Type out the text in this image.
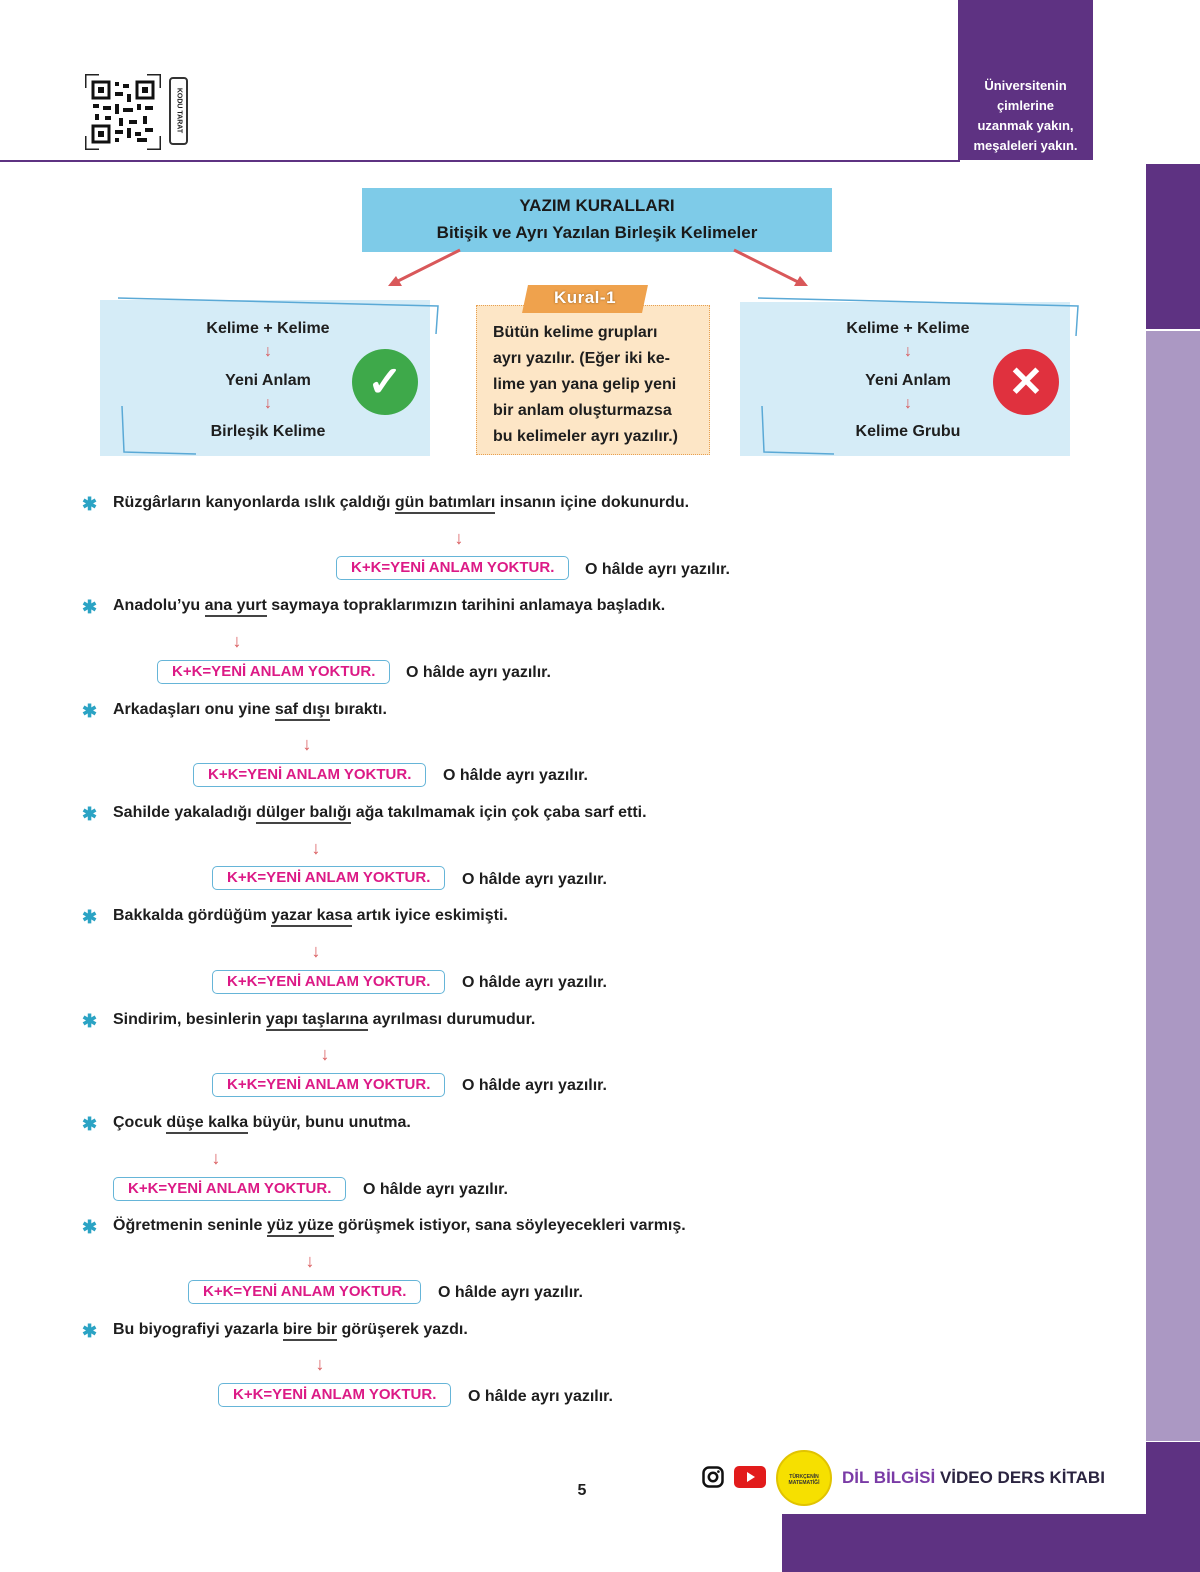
Üniversitenin
çimlerine
uzanmak yakın,
meşaleleri yakın.
KODU TARAT
YAZIM KURALLARI
Bitişik ve Ayrı Yazılan Birleşik Kelimeler
Kelime + Kelime
↓
Yeni Anlam
↓
Birleşik Kelime
✓
Kural-1
Bütün kelime grupları
ayrı yazılır. (Eğer iki ke-
lime yan yana gelip yeni
bir anlam oluşturmazsa
bu kelimeler ayrı yazılır.)
Kelime + Kelime
↓
Yeni Anlam
↓
Kelime Grubu
✕
✱ Rüzgârların kanyonlarda ıslık çaldığı gün batımları insanın içine dokunurdu.
↓
K+K=YENİ ANLAM YOKTUR.	O hâlde ayrı yazılır.
✱ Anadolu’yu ana yurt saymaya topraklarımızın tarihini anlamaya başladık.
↓
K+K=YENİ ANLAM YOKTUR.	O hâlde ayrı yazılır.
✱ Arkadaşları onu yine saf dışı bıraktı.
↓
K+K=YENİ ANLAM YOKTUR.	O hâlde ayrı yazılır.
✱ Sahilde yakaladığı dülger balığı ağa takılmamak için çok çaba sarf etti.
↓
K+K=YENİ ANLAM YOKTUR.	O hâlde ayrı yazılır.
✱ Bakkalda gördüğüm yazar kasa artık iyice eskimişti.
↓
K+K=YENİ ANLAM YOKTUR.	O hâlde ayrı yazılır.
✱ Sindirim, besinlerin yapı taşlarına ayrılması durumudur.
↓
K+K=YENİ ANLAM YOKTUR.	O hâlde ayrı yazılır.
✱ Çocuk düşe kalka büyür, bunu unutma.
↓
K+K=YENİ ANLAM YOKTUR.	O hâlde ayrı yazılır.
✱ Öğretmenin seninle yüz yüze görüşmek istiyor, sana söyleyecekleri varmış.
↓
K+K=YENİ ANLAM YOKTUR.	O hâlde ayrı yazılır.
✱ Bu biyografiyi yazarla bire bir görüşerek yazdı.
↓
K+K=YENİ ANLAM YOKTUR.	O hâlde ayrı yazılır.
5
TÜRKÇENİN MATEMATİĞİ	DİL BİLGİSİ VİDEO DERS KİTABI
